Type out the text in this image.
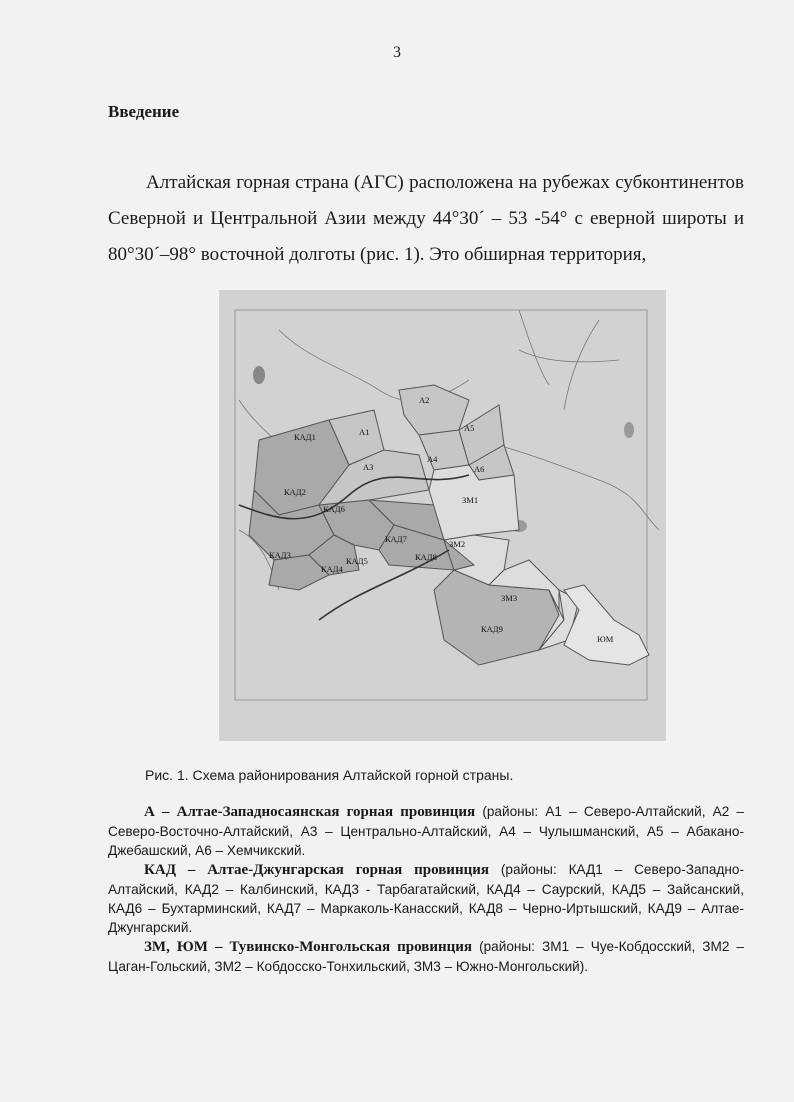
3
Введение

Алтайская горная страна (АГС) расположена на рубежах субконтинентов Северной и Центральной Азии между 44°30´ – 53 -54° с еверной широты и 80°30´–98° восточной долготы (рис. 1). Это обширная территория,

А2
А1	А5
КАД1
А4
А3	А6
КАД2
ЗМ1
КАД6
КАД7	ЗМ2
КАД3	КАД8
КАД5
КАД4
ЗМ3
КАД9
ЮМ
Рис. 1. Схема районирования Алтайской горной страны.

А – Алтае-Западносаянская горная провинция (районы: А1 – Северо-Алтайский, А2 – Северо-Восточно-Алтайский, А3 – Центрально-Алтайский, А4 – Чулышманский, А5 – Абакано-Джебашский, А6 – Хемчикский.

КАД – Алтае-Джунгарская горная провинция (районы: КАД1 – Северо-Западно-Алтайский, КАД2 – Калбинский, КАД3 - Тарбагатайский, КАД4 – Саурский, КАД5 – Зайсанский, КАД6 – Бухтарминский, КАД7 – Маркаколь-Канасский, КАД8 – Черно-Иртышский, КАД9 – Алтае-Джунгарский.

ЗМ, ЮМ – Тувинско-Монгольская провинция (районы: ЗМ1 – Чуе-Кобдосский, ЗМ2 – Цаган-Гольский, ЗМ2 – Кобдосско-Тонхильский, ЗМ3 – Южно-Монгольский).
